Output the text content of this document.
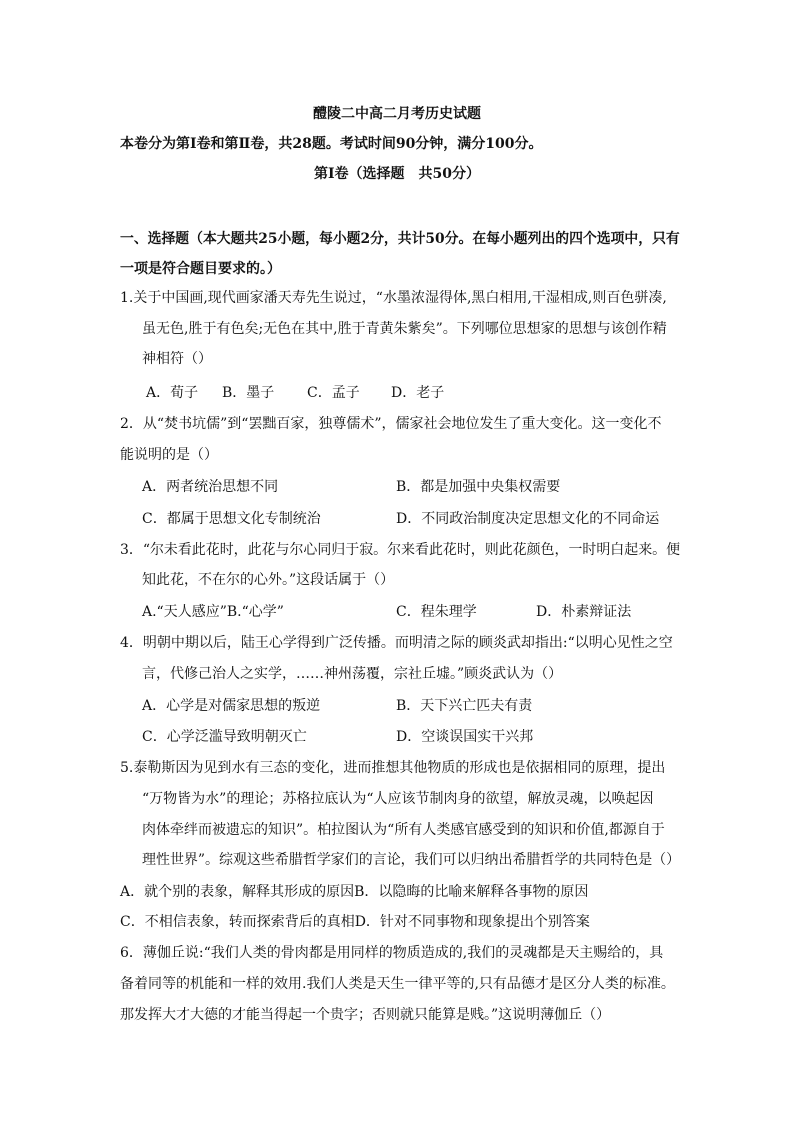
醴陵二中高二月考历史试题
本卷分为第Ⅰ卷和第Ⅱ卷，共28题。考试时间90分钟，满分100分。
第Ⅰ卷（选择题　共50分）
一、选择题（本大题共25小题，每小题2分，共计50分。在每小题列出的四个选项中，只有
一项是符合题目要求的。）
1.关于中国画,现代画家潘天寿先生说过，“水墨浓湿得体,黑白相用,干湿相成,则百色骈凑,
虽无色,胜于有色矣;无色在其中,胜于青黄朱紫矣”。下列哪位思想家的思想与该创作精
神相符（）
A．荀子 B．墨子 C．孟子 D．老子
2．从“焚书坑儒”到“罢黜百家，独尊儒术”，儒家社会地位发生了重大变化。这一变化不
能说明的是（）
A．两者统治思想不同	B．都是加强中央集权需要
C．都属于思想文化专制统治	D．不同政治制度决定思想文化的不同命运
3．“尔未看此花时，此花与尔心同归于寂。尔来看此花时，则此花颜色，一时明白起来。便
知此花，不在尔的心外。”这段话属于（）
A.“天人感应”B.“心学”	C．程朱理学	D．朴素辩证法
4．明朝中期以后，陆王心学得到广泛传播。而明清之际的顾炎武却指出:“以明心见性之空
言，代修己治人之实学，……神州荡覆，宗社丘墟。”顾炎武认为（）
A．心学是对儒家思想的叛逆	B．天下兴亡匹夫有责
C．心学泛滥导致明朝灭亡	D．空谈误国实干兴邦
5.泰勒斯因为见到水有三态的变化，进而推想其他物质的形成也是依据相同的原理，提出
“万物皆为水”的理论；苏格拉底认为“人应该节制肉身的欲望，解放灵魂，以唤起因
肉体牵绊而被遗忘的知识”。柏拉图认为“所有人类感官感受到的知识和价值,都源自于
理性世界”。综观这些希腊哲学家们的言论，我们可以归纳出希腊哲学的共同特色是（）
A．就个别的表象，解释其形成的原因B．以隐晦的比喻来解释各事物的原因
C．不相信表象，转而探索背后的真相D．针对不同事物和现象提出个别答案
6．薄伽丘说:“我们人类的骨肉都是用同样的物质造成的,我们的灵魂都是天主赐给的，具
备着同等的机能和一样的效用.我们人类是天生一律平等的,只有品德才是区分人类的标准。
那发挥大才大德的才能当得起一个贵字；否则就只能算是贱。”这说明薄伽丘（）
